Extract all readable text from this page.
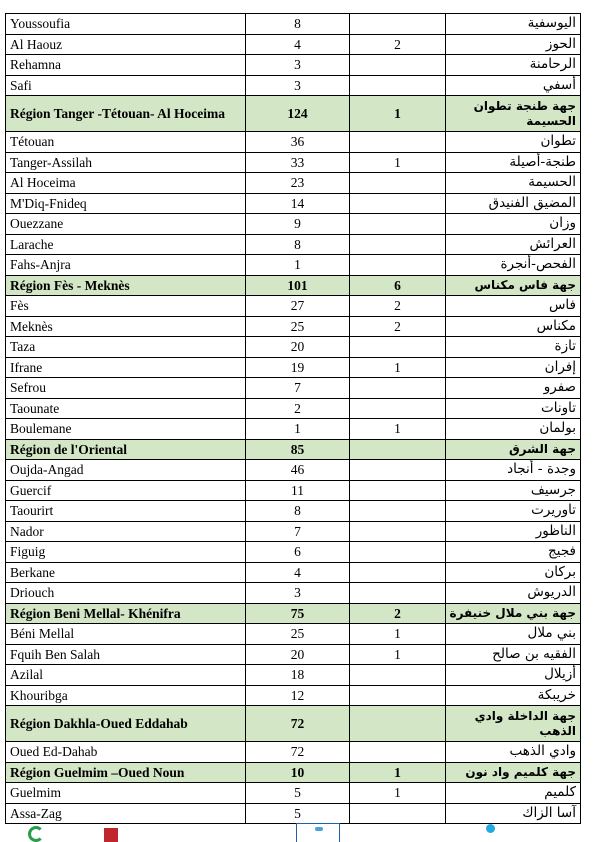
Youssoufia	8		اليوسفية
Al Haouz	4	2	الحوز
Rehamna	3		الرحامنة
Safi	3		أسفي
Région Tanger -Tétouan- Al Hoceima	124	1	جهة طنجة تطوان الحسيمة
Tétouan	36		تطوان
Tanger-Assilah	33	1	طنجة-أصيلة
Al Hoceima	23		الحسيمة
M'Diq-Fnideq	14		المضيق الفنيدق
Ouezzane	9		وزان
Larache	8		العرائش
Fahs-Anjra	1		الفحص-أنجرة
Région Fès - Meknès	101	6	جهة فاس مكناس
Fès	27	2	فاس
Meknès	25	2	مكناس
Taza	20		تازة
Ifrane	19	1	إفران
Sefrou	7		صفرو
Taounate	2		تاونات
Boulemane	1	1	بولمان
Région de l'Oriental	85		جهة الشرق
Oujda-Angad	46		وجدة - أنجاد
Guercif	11		جرسيف
Taourirt	8		تاوريرت
Nador	7		الناظور
Figuig	6		فجيج
Berkane	4		بركان
Driouch	3		الدريوش
Région Beni Mellal- Khénifra	75	2	جهة بني ملال خنيفرة
Béni Mellal	25	1	بني ملال
Fquih Ben Salah	20	1	الفقيه بن صالح
Azilal	18		أزيلال
Khouribga	12		خريبكة
Région Dakhla-Oued Eddahab	72		جهة الداخلة وادي الذهب
Oued Ed-Dahab	72		وادي الذهب
Région Guelmim –Oued Noun	10	1	جهة كلميم واد نون
Guelmim	5	1	كلميم
Assa-Zag	5		آسا الزاك
